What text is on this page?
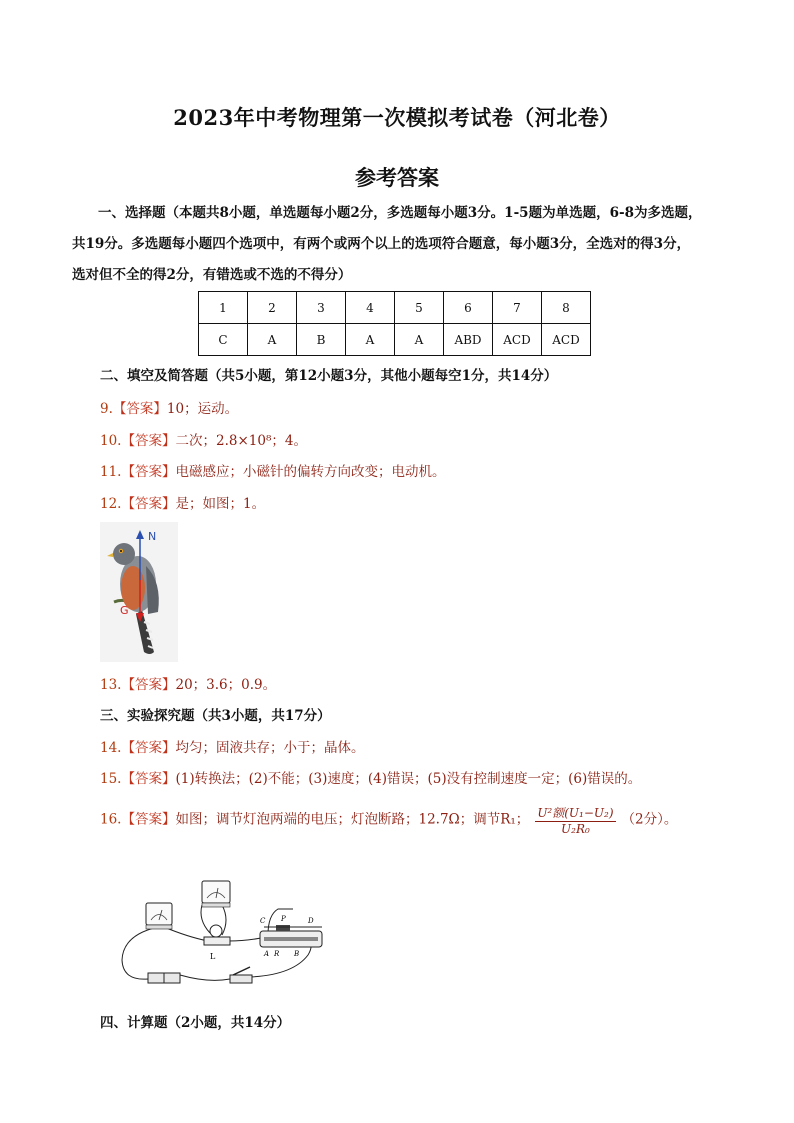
2023年中考物理第一次模拟考试卷（河北卷）
参考答案
一、选择题（本题共8小题，单选题每小题2分，多选题每小题3分。1-5题为单选题，6-8为多选题，
共19分。多选题每小题四个选项中，有两个或两个以上的选项符合题意，每小题3分，全选对的得3分，
选对但不全的得2分，有错选或不选的不得分）
1	2	3	4	5	6	7	8
C	A	B	A	A	ABD	ACD	ACD
二、填空及简答题（共5小题，第12小题3分，其他小题每空1分，共14分）
9.【答案】10；运动。
10.【答案】二次；2.8×10⁸；4。
11.【答案】电磁感应；小磁针的偏转方向改变；电动机。
12.【答案】是；如图；1。
N
G
13.【答案】20；3.6；0.9。
三、实验探究题（共3小题，共17分）
14.【答案】均匀；固液共存；小于；晶体。
15.【答案】(1)转换法；(2)不能；(3)速度；(4)错误；(5)没有控制速度一定；(6)错误的。
16.【答案】如图；调节灯泡两端的电压；灯泡断路；12.7Ω；调节R₁； $\frac{\text{U²额(U₁−U₂)}}{\text{U₂R₀}} (2$分）。
L
C P	D
A R B
四、计算题（2小题，共14分）
